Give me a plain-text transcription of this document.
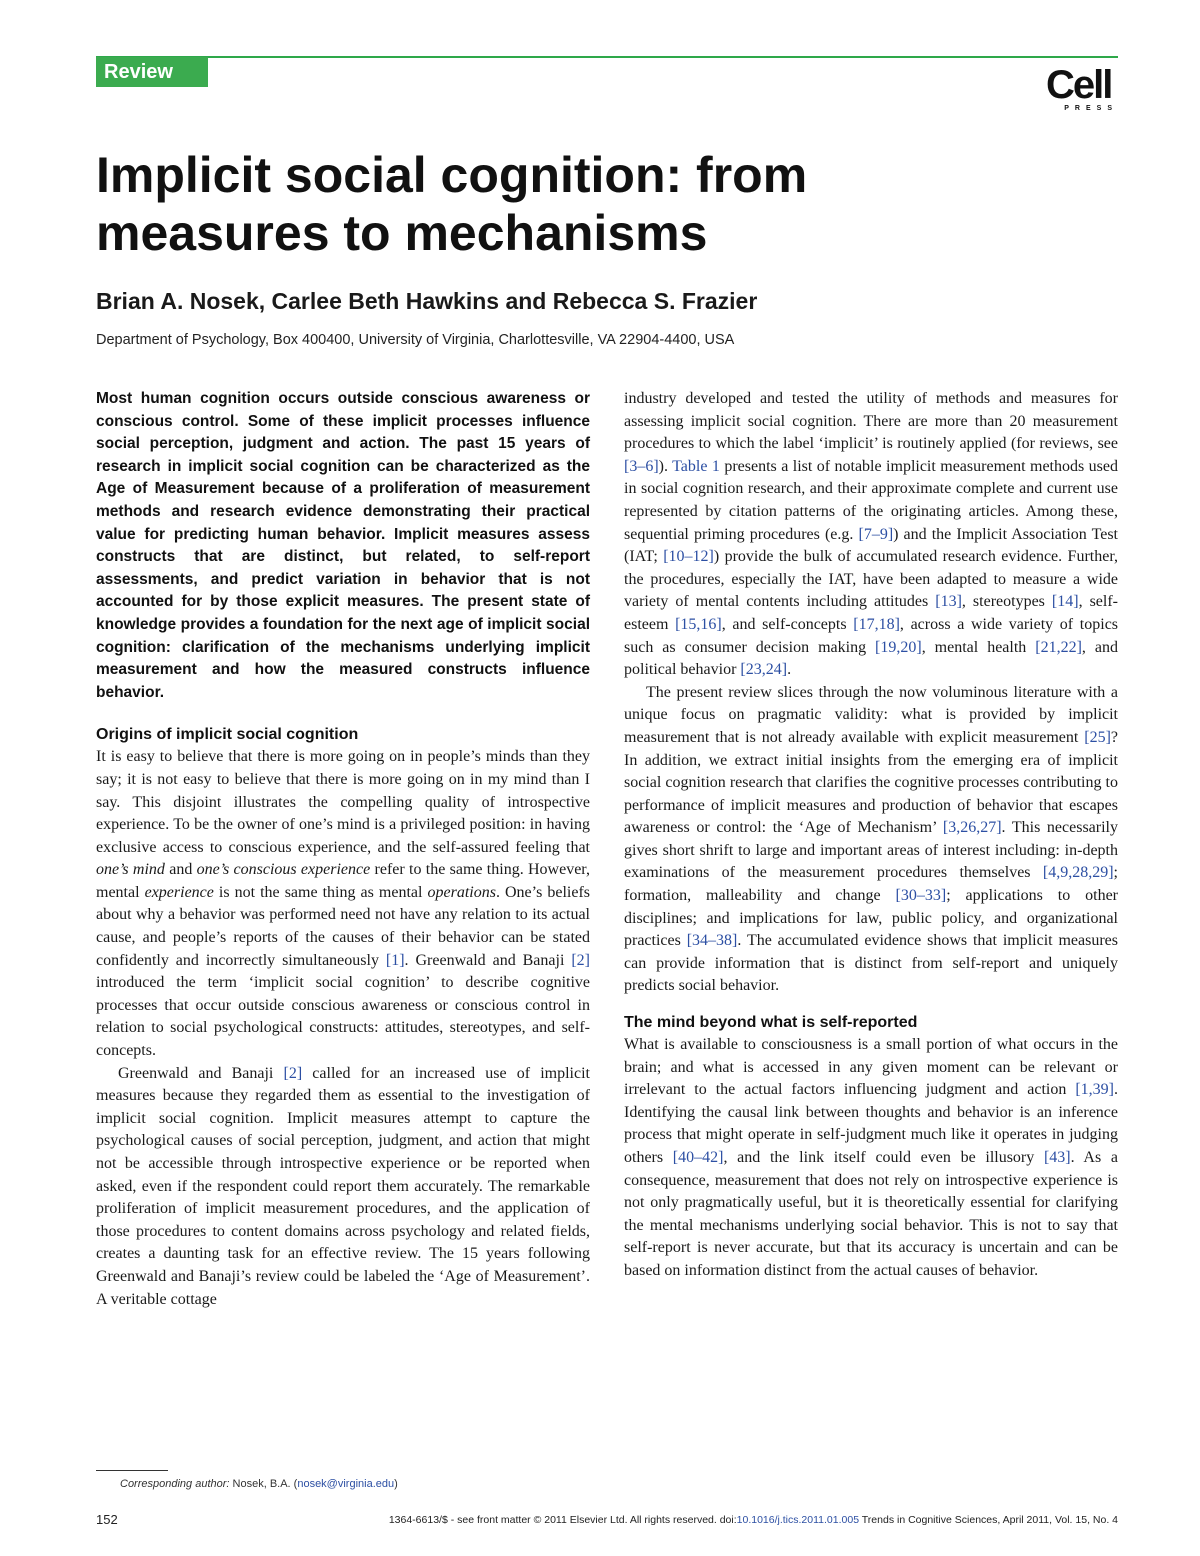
Review	Cell
PRESS
Implicit social cognition: from
measures to mechanisms

Brian A. Nosek, Carlee Beth Hawkins and Rebecca S. Frazier

Department of Psychology, Box 400400, University of Virginia, Charlottesville, VA 22904-4400, USA

Most human cognition occurs outside conscious awareness or conscious control. Some of these implicit processes influence social perception, judgment and action. The past 15 years of research in implicit social cognition can be characterized as the Age of Measurement because of a proliferation of measurement methods and research evidence demonstrating their practical value for predicting human behavior. Implicit measures assess constructs that are distinct, but related, to self-report assessments, and predict variation in behavior that is not accounted for by those explicit measures. The present state of knowledge provides a foundation for the next age of implicit social cognition: clarification of the mechanisms underlying implicit measurement and how the measured constructs influence behavior.

Origins of implicit social cognition

It is easy to believe that there is more going on in people’s minds than they say; it is not easy to believe that there is more going on in my mind than I say. This disjoint illustrates the compelling quality of introspective experience. To be the owner of one’s mind is a privileged position: in having exclusive access to conscious experience, and the self-assured feeling that one’s mind and one’s conscious experience refer to the same thing. However, mental experience is not the same thing as mental operations. One’s beliefs about why a behavior was performed need not have any relation to its actual cause, and people’s reports of the causes of their behavior can be stated confidently and incorrectly simultaneously [1]. Greenwald and Banaji [2] introduced the term ‘implicit social cognition’ to describe cognitive processes that occur outside conscious awareness or conscious control in relation to social psychological constructs: attitudes, stereotypes, and self-concepts.

Greenwald and Banaji [2] called for an increased use of implicit measures because they regarded them as essential to the investigation of implicit social cognition. Implicit measures attempt to capture the psychological causes of social perception, judgment, and action that might not be accessible through introspective experience or be reported when asked, even if the respondent could report them accurately. The remarkable proliferation of implicit measurement procedures, and the application of those procedures to content domains across psychology and related fields, creates a daunting task for an effective review. The 15 years following Greenwald and Banaji’s review could be labeled the ‘Age of Measurement’. A veritable cottage

industry developed and tested the utility of methods and measures for assessing implicit social cognition. There are more than 20 measurement procedures to which the label ‘implicit’ is routinely applied (for reviews, see [3–6]). Table 1 presents a list of notable implicit measurement methods used in social cognition research, and their approximate complete and current use represented by citation patterns of the originating articles. Among these, sequential priming procedures (e.g. [7–9]) and the Implicit Association Test (IAT; [10–12]) provide the bulk of accumulated research evidence. Further, the procedures, especially the IAT, have been adapted to measure a wide variety of mental contents including attitudes [13], stereotypes [14], self-esteem [15,16], and self-concepts [17,18], across a wide variety of topics such as consumer decision making [19,20], mental health [21,22], and political behavior [23,24].

The present review slices through the now voluminous literature with a unique focus on pragmatic validity: what is provided by implicit measurement that is not already available with explicit measurement [25]? In addition, we extract initial insights from the emerging era of implicit social cognition research that clarifies the cognitive processes contributing to performance of implicit measures and production of behavior that escapes awareness or control: the ‘Age of Mechanism’ [3,26,27]. This necessarily gives short shrift to large and important areas of interest including: in-depth examinations of the measurement procedures themselves [4,9,28,29]; formation, malleability and change [30–33]; applications to other disciplines; and implications for law, public policy, and organizational practices [34–38]. The accumulated evidence shows that implicit measures can provide information that is distinct from self-report and uniquely predicts social behavior.

The mind beyond what is self-reported

What is available to consciousness is a small portion of what occurs in the brain; and what is accessed in any given moment can be relevant or irrelevant to the actual factors influencing judgment and action [1,39]. Identifying the causal link between thoughts and behavior is an inference process that might operate in self-judgment much like it operates in judging others [40–42], and the link itself could even be illusory [43]. As a consequence, measurement that does not rely on introspective experience is not only pragmatically useful, but it is theoretically essential for clarifying the mental mechanisms underlying social behavior. This is not to say that self-report is never accurate, but that its accuracy is uncertain and can be based on information distinct from the actual causes of behavior.

Corresponding author: Nosek, B.A. (nosek@virginia.edu)

152	1364-6613/$ - see front matter © 2011 Elsevier Ltd. All rights reserved. doi:10.1016/j.tics.2011.01.005 Trends in Cognitive Sciences, April 2011, Vol. 15, No. 4
